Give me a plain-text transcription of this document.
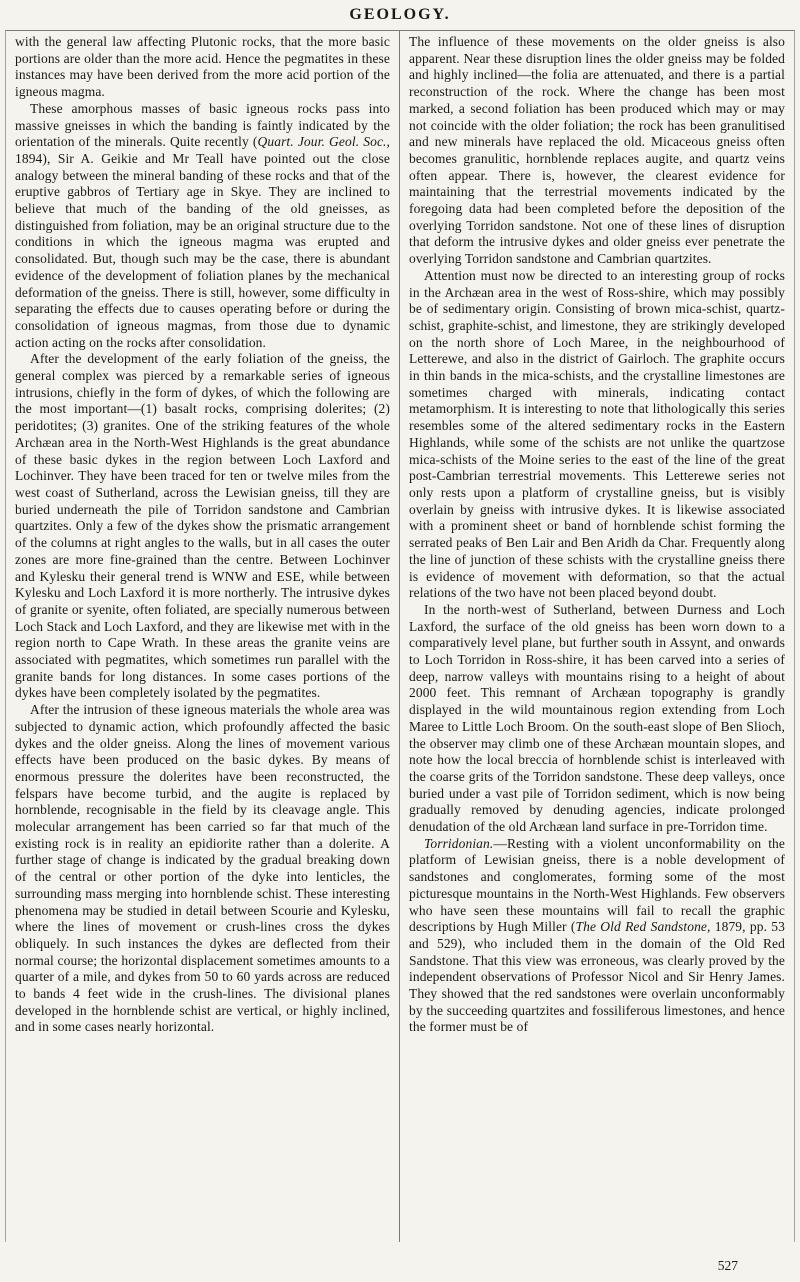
GEOLOGY.

with the general law affecting Plutonic rocks, that the more basic portions are older than the more acid. Hence the pegmatites in these instances may have been derived from the more acid portion of the igneous magma.

These amorphous masses of basic igneous rocks pass into massive gneisses in which the banding is faintly indicated by the orientation of the minerals. Quite recently (Quart. Jour. Geol. Soc., 1894), Sir A. Geikie and Mr Teall have pointed out the close analogy between the mineral banding of these rocks and that of the eruptive gabbros of Tertiary age in Skye. They are inclined to believe that much of the banding of the old gneisses, as distinguished from foliation, may be an original structure due to the conditions in which the igneous magma was erupted and consolidated. But, though such may be the case, there is abundant evidence of the development of foliation planes by the mechanical deformation of the gneiss. There is still, however, some difficulty in separating the effects due to causes operating before or during the consolidation of igneous magmas, from those due to dynamic action acting on the rocks after consolidation.

After the development of the early foliation of the gneiss, the general complex was pierced by a remarkable series of igneous intrusions, chiefly in the form of dykes, of which the following are the most important—(1) basalt rocks, comprising dolerites; (2) peridotites; (3) granites. One of the striking features of the whole Archæan area in the North-West Highlands is the great abundance of these basic dykes in the region between Loch Laxford and Lochinver. They have been traced for ten or twelve miles from the west coast of Sutherland, across the Lewisian gneiss, till they are buried underneath the pile of Torridon sandstone and Cambrian quartzites. Only a few of the dykes show the prismatic arrangement of the columns at right angles to the walls, but in all cases the outer zones are more fine-grained than the centre. Between Lochinver and Kylesku their general trend is WNW and ESE, while between Kylesku and Loch Laxford it is more northerly. The intrusive dykes of granite or syenite, often foliated, are specially numerous between Loch Stack and Loch Laxford, and they are likewise met with in the region north to Cape Wrath. In these areas the granite veins are associated with pegmatites, which sometimes run parallel with the granite bands for long distances. In some cases portions of the dykes have been completely isolated by the pegmatites.

After the intrusion of these igneous materials the whole area was subjected to dynamic action, which profoundly affected the basic dykes and the older gneiss. Along the lines of movement various effects have been produced on the basic dykes. By means of enormous pressure the dolerites have been reconstructed, the felspars have become turbid, and the augite is replaced by hornblende, recognisable in the field by its cleavage angle. This molecular arrangement has been carried so far that much of the existing rock is in reality an epidiorite rather than a dolerite. A further stage of change is indicated by the gradual breaking down of the central or other portion of the dyke into lenticles, the surrounding mass merging into hornblende schist. These interesting phenomena may be studied in detail between Scourie and Kylesku, where the lines of movement or crush-lines cross the dykes obliquely. In such instances the dykes are deflected from their normal course; the horizontal displacement sometimes amounts to a quarter of a mile, and dykes from 50 to 60 yards across are reduced to bands 4 feet wide in the crush-lines. The divisional planes developed in the hornblende schist are vertical, or highly inclined, and in some cases nearly horizontal.

The influence of these movements on the older gneiss is also apparent. Near these disruption lines the older gneiss may be folded and highly inclined—the folia are attenuated, and there is a partial reconstruction of the rock. Where the change has been most marked, a second foliation has been produced which may or may not coincide with the older foliation; the rock has been granulitised and new minerals have replaced the old. Micaceous gneiss often becomes granulitic, hornblende replaces augite, and quartz veins often appear. There is, however, the clearest evidence for maintaining that the terrestrial movements indicated by the foregoing data had been completed before the deposition of the overlying Torridon sandstone. Not one of these lines of disruption that deform the intrusive dykes and older gneiss ever penetrate the overlying Torridon sandstone and Cambrian quartzites.

Attention must now be directed to an interesting group of rocks in the Archæan area in the west of Ross-shire, which may possibly be of sedimentary origin. Consisting of brown mica-schist, quartz-schist, graphite-schist, and limestone, they are strikingly developed on the north shore of Loch Maree, in the neighbourhood of Letterewe, and also in the district of Gairloch. The graphite occurs in thin bands in the mica-schists, and the crystalline limestones are sometimes charged with minerals, indicating contact metamorphism. It is interesting to note that lithologically this series resembles some of the altered sedimentary rocks in the Eastern Highlands, while some of the schists are not unlike the quartzose mica-schists of the Moine series to the east of the line of the great post-Cambrian terrestrial movements. This Letterewe series not only rests upon a platform of crystalline gneiss, but is visibly overlain by gneiss with intrusive dykes. It is likewise associated with a prominent sheet or band of hornblende schist forming the serrated peaks of Ben Lair and Ben Aridh da Char. Frequently along the line of junction of these schists with the crystalline gneiss there is evidence of movement with deformation, so that the actual relations of the two have not been placed beyond doubt.

In the north-west of Sutherland, between Durness and Loch Laxford, the surface of the old gneiss has been worn down to a comparatively level plane, but further south in Assynt, and onwards to Loch Torridon in Ross-shire, it has been carved into a series of deep, narrow valleys with mountains rising to a height of about 2000 feet. This remnant of Archæan topography is grandly displayed in the wild mountainous region extending from Loch Maree to Little Loch Broom. On the south-east slope of Ben Slioch, the observer may climb one of these Archæan mountain slopes, and note how the local breccia of hornblende schist is interleaved with the coarse grits of the Torridon sandstone. These deep valleys, once buried under a vast pile of Torridon sediment, which is now being gradually removed by denuding agencies, indicate prolonged denudation of the old Archæan land surface in pre-Torridon time.

Torridonian.—Resting with a violent unconformability on the platform of Lewisian gneiss, there is a noble development of sandstones and conglomerates, forming some of the most picturesque mountains in the North-West Highlands. Few observers who have seen these mountains will fail to recall the graphic descriptions by Hugh Miller (The Old Red Sandstone, 1879, pp. 53 and 529), who included them in the domain of the Old Red Sandstone. That this view was erroneous, was clearly proved by the independent observations of Professor Nicol and Sir Henry James. They showed that the red sandstones were overlain unconformably by the succeeding quartzites and fossiliferous limestones, and hence the former must be of

527
